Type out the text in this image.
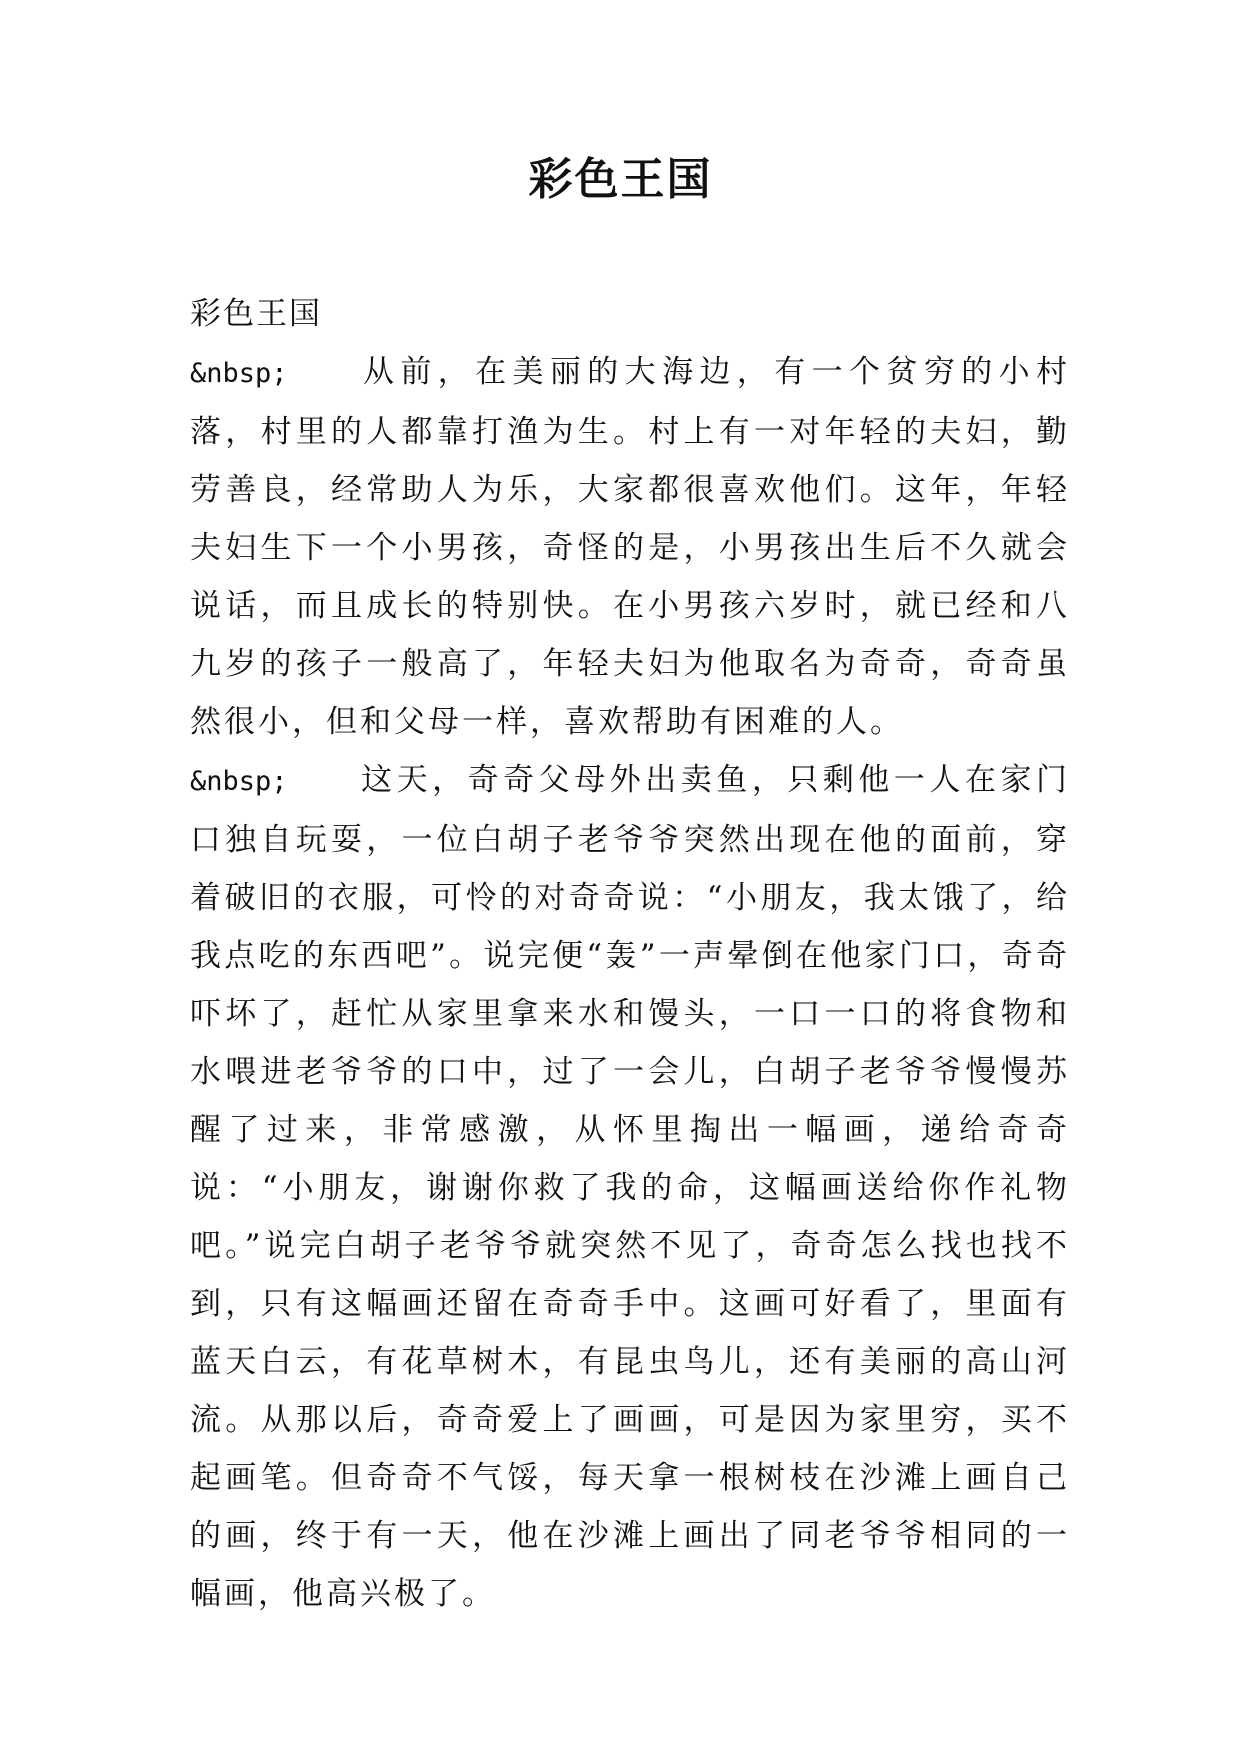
彩色王国

彩色王国

&nbsp; 从前，在美丽的大海边，有一个贫穷的小村落，村里的人都靠打渔为生。村上有一对年轻的夫妇，勤劳善良，经常助人为乐，大家都很喜欢他们。这年，年轻夫妇生下一个小男孩，奇怪的是，小男孩出生后不久就会说话，而且成长的特别快。在小男孩六岁时，就已经和八九岁的孩子一般高了，年轻夫妇为他取名为奇奇，奇奇虽然很小，但和父母一样，喜欢帮助有困难的人。

&nbsp; 这天，奇奇父母外出卖鱼，只剩他一人在家门口独自玩耍，一位白胡子老爷爷突然出现在他的面前，穿着破旧的衣服，可怜的对奇奇说：“小朋友，我太饿了，给我点吃的东西吧”。说完便“轰”一声晕倒在他家门口，奇奇吓坏了，赶忙从家里拿来水和馒头，一口一口的将食物和水喂进老爷爷的口中，过了一会儿，白胡子老爷爷慢慢苏醒了过来，非常感激，从怀里掏出一幅画，递给奇奇说：“小朋友，谢谢你救了我的命，这幅画送给你作礼物吧。”说完白胡子老爷爷就突然不见了，奇奇怎么找也找不到，只有这幅画还留在奇奇手中。这画可好看了，里面有蓝天白云，有花草树木，有昆虫鸟儿，还有美丽的高山河流。从那以后，奇奇爱上了画画，可是因为家里穷，买不起画笔。但奇奇不气馁，每天拿一根树枝在沙滩上画自己的画，终于有一天，他在沙滩上画出了同老爷爷相同的一幅画，他高兴极了。
